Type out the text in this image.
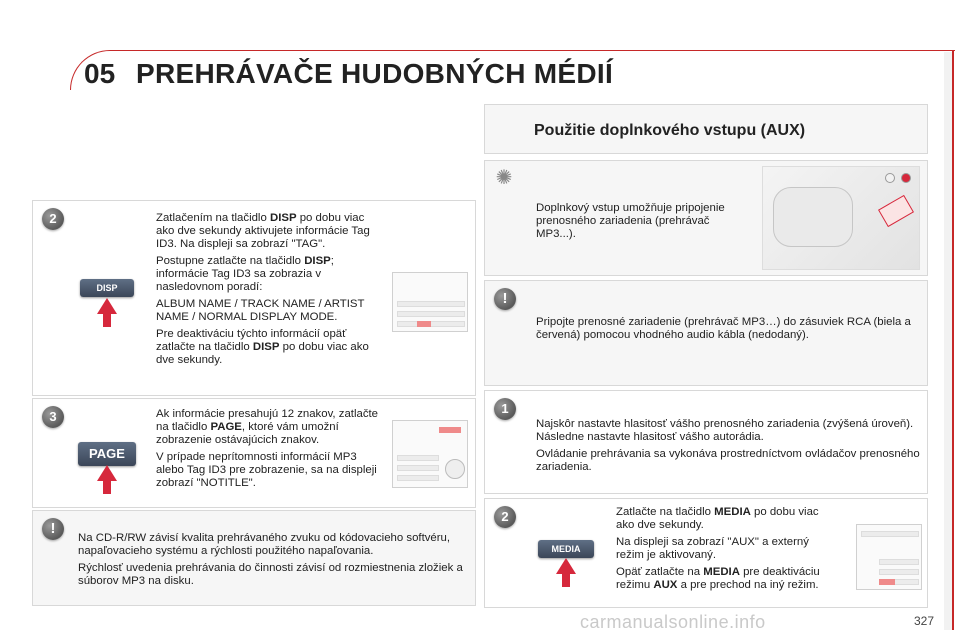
05 PREHRÁVAČE HUDOBNÝCH MÉDIÍ
2
DISP

Zatlačením na tlačidlo DISP po dobu viac ako dve sekundy aktivujete informácie Tag ID3. Na displeji sa zobrazí "TAG".

Postupne zatlačte na tlačidlo DISP; informácie Tag ID3 sa zobrazia v nasledovnom poradí:

ALBUM NAME / TRACK NAME / ARTIST NAME / NORMAL DISPLAY MODE.

Pre deaktiváciu týchto informácií opäť zatlačte na tlačidlo DISP po dobu viac ako dve sekundy.

3
PAGE

Ak informácie presahujú 12 znakov, zatlačte na tlačidlo PAGE, ktoré vám umožní zobrazenie ostávajúcich znakov.

V prípade neprítomnosti informácií MP3 alebo Tag ID3 pre zobrazenie, sa na displeji zobrazí "NOTITLE".

!

Na CD-R/RW závisí kvalita prehrávaného zvuku od kódovacieho softvéru, napaľovacieho systému a rýchlosti použitého napaľovania.

Rýchlosť uvedenia prehrávania do činnosti závisí od rozmiestnenia zložiek a súborov MP3 na disku.

Použitie doplnkového vstupu (AUX)
✺

Doplnkový vstup umožňuje pripojenie prenosného zariadenia (prehrávač MP3...).

!

Pripojte prenosné zariadenie (prehrávač MP3…) do zásuviek RCA (biela a červená) pomocou vhodného audio kábla (nedodaný).

1

Najskôr nastavte hlasitosť vášho prenosného zariadenia (zvýšená úroveň). Následne nastavte hlasitosť vášho autorádia.

Ovládanie prehrávania sa vykonáva prostredníctvom ovládačov prenosného zariadenia.

2
MEDIA

Zatlačte na tlačidlo MEDIA po dobu viac ako dve sekundy.

Na displeji sa zobrazí "AUX" a externý režim je aktivovaný.

Opäť zatlačte na MEDIA pre deaktiváciu režimu AUX a pre prechod na iný režim.

carmanualsonline.info	327
